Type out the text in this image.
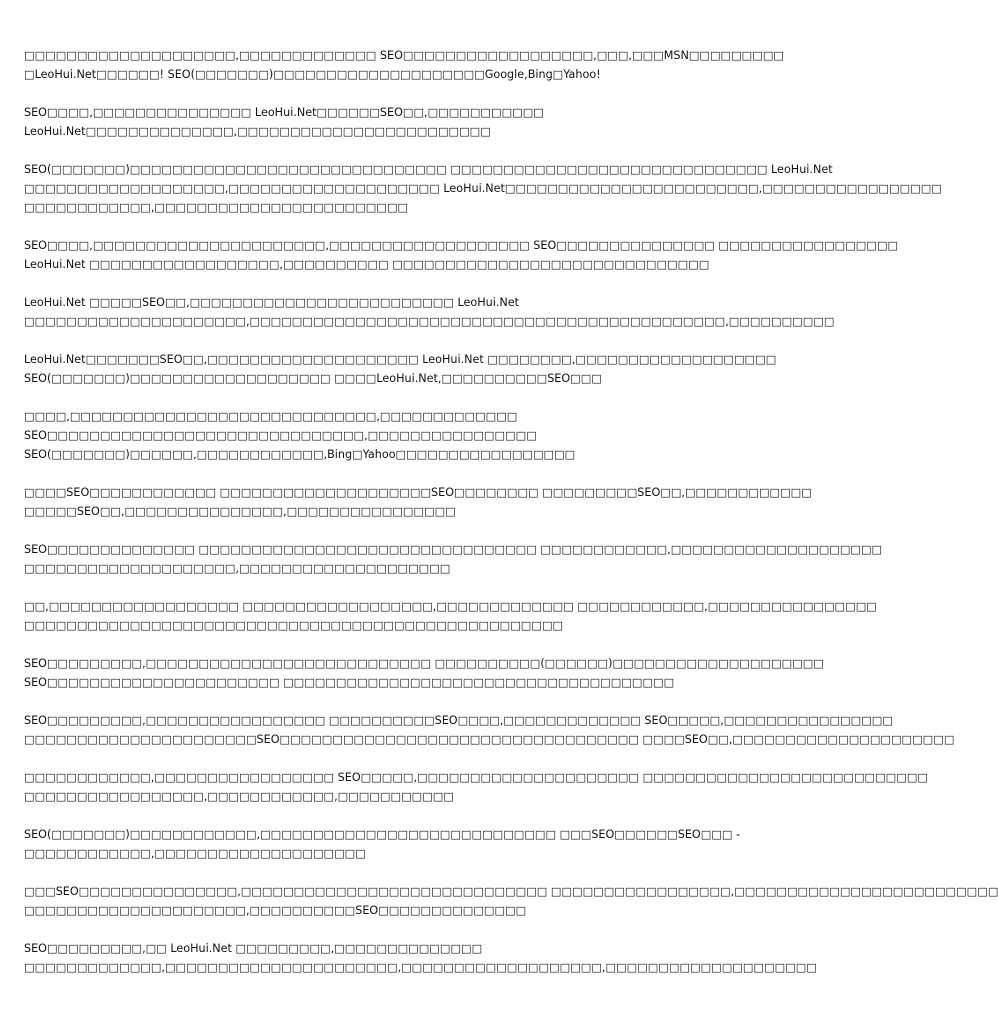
□□□□□□□□□□□□□□□□□□□□,□□□□□□□□□□□□□ SEO□□□□□□□□□□□□□□□□□□,□□□,□□□MSN□□□□□□□□□
□LeoHui.Net□□□□□□! SEO(□□□□□□□)□□□□□□□□□□□□□□□□□□□□Google,Bing□Yahoo!
SEO□□□□,□□□□□□□□□□□□□□□ LeoHui.Net□□□□□□SEO□□,□□□□□□□□□□□
LeoHui.Net□□□□□□□□□□□□□□,□□□□□□□□□□□□□□□□□□□□□□□□
SEO(□□□□□□□)□□□□□□□□□□□□□□□□□□□□□□□□□□□□□□ □□□□□□□□□□□□□□□□□□□□□□□□□□□□□□ LeoHui.Net
□□□□□□□□□□□□□□□□□□□,□□□□□□□□□□□□□□□□□□□□ LeoHui.Net□□□□□□□□□□□□□□□□□□□□□□□□,□□□□□□□□□□□□□□□□□
□□□□□□□□□□□□,□□□□□□□□□□□□□□□□□□□□□□□□
SEO□□□□,□□□□□□□□□□□□□□□□□□□□□□,□□□□□□□□□□□□□□□□□□□ SEO□□□□□□□□□□□□□□□ □□□□□□□□□□□□□□□□□
LeoHui.Net □□□□□□□□□□□□□□□□□□,□□□□□□□□□□ □□□□□□□□□□□□□□□□□□□□□□□□□□□□□□
LeoHui.Net □□□□□SEO□□,□□□□□□□□□□□□□□□□□□□□□□□□□ LeoHui.Net
□□□□□□□□□□□□□□□□□□□□□,□□□□□□□□□□□□□□□□□□□□□□□□□□□□□□□□□□□□□□□□□□□□□,□□□□□□□□□□
LeoHui.Net□□□□□□□SEO□□,□□□□□□□□□□□□□□□□□□□□ LeoHui.Net □□□□□□□□,□□□□□□□□□□□□□□□□□□□
SEO(□□□□□□□)□□□□□□□□□□□□□□□□□□□ □□□□LeoHui.Net,□□□□□□□□□□SEO□□□
□□□□,□□□□□□□□□□□□□□□□□□□□□□□□□□□□□,□□□□□□□□□□□□□
SEO□□□□□□□□□□□□□□□□□□□□□□□□□□□□□□,□□□□□□□□□□□□□□□□
SEO(□□□□□□□)□□□□□□,□□□□□□□□□□□□,Bing□Yahoo□□□□□□□□□□□□□□□□□
□□□□SEO□□□□□□□□□□□□ □□□□□□□□□□□□□□□□□□□□SEO□□□□□□□□ □□□□□□□□□SEO□□,□□□□□□□□□□□□
□□□□□SEO□□,□□□□□□□□□□□□□□□,□□□□□□□□□□□□□□□□
SEO□□□□□□□□□□□□□□ □□□□□□□□□□□□□□□□□□□□□□□□□□□□□□□□ □□□□□□□□□□□□,□□□□□□□□□□□□□□□□□□□□
□□□□□□□□□□□□□□□□□□□□,□□□□□□□□□□□□□□□□□□□□
□□,□□□□□□□□□□□□□□□□□□ □□□□□□□□□□□□□□□□□□,□□□□□□□□□□□□□ □□□□□□□□□□□□,□□□□□□□□□□□□□□□□
□□□□□□□□□□□□□□□□□□□□□□□□□□□□□□□□□□□□□□□□□□□□□□□□□□□
SEO□□□□□□□□□,□□□□□□□□□□□□□□□□□□□□□□□□□□□ □□□□□□□□□□(□□□□□□)□□□□□□□□□□□□□□□□□□□□
SEO□□□□□□□□□□□□□□□□□□□□□□ □□□□□□□□□□□□□□□□□□□□□□□□□□□□□□□□□□□□□
SEO□□□□□□□□□,□□□□□□□□□□□□□□□□□ □□□□□□□□□□SEO□□□□,□□□□□□□□□□□□□ SEO□□□□□,□□□□□□□□□□□□□□□□
□□□□□□□□□□□□□□□□□□□□□□SEO□□□□□□□□□□□□□□□□□□□□□□□□□□□□□□□□□□ □□□□SEO□□,□□□□□□□□□□□□□□□□□□□□□
□□□□□□□□□□□□,□□□□□□□□□□□□□□□□□ SEO□□□□□,□□□□□□□□□□□□□□□□□□□□□ □□□□□□□□□□□□□□□□□□□□□□□□□□□
□□□□□□□□□□□□□□□□□,□□□□□□□□□□□□,□□□□□□□□□□□
SEO(□□□□□□□)□□□□□□□□□□□□,□□□□□□□□□□□□□□□□□□□□□□□□□□□□ □□□SEO□□□□□□SEO□□□ -
□□□□□□□□□□□□,□□□□□□□□□□□□□□□□□□□□
□□□SEO□□□□□□□□□□□□□□□,□□□□□□□□□□□□□□□□□□□□□□□□□□□□□ □□□□□□□□□□□□□□□□□,□□□□□□□□□□□□□□□□□□□□□□□□□
□□□□□□□□□□□□□□□□□□□□□,□□□□□□□□□□SEO□□□□□□□□□□□□□□
SEO□□□□□□□□□,□□ LeoHui.Net □□□□□□□□□,□□□□□□□□□□□□□□
□□□□□□□□□□□□□,□□□□□□□□□□□□□□□□□□□□□□,□□□□□□□□□□□□□□□□□□□,□□□□□□□□□□□□□□□□□□□□
